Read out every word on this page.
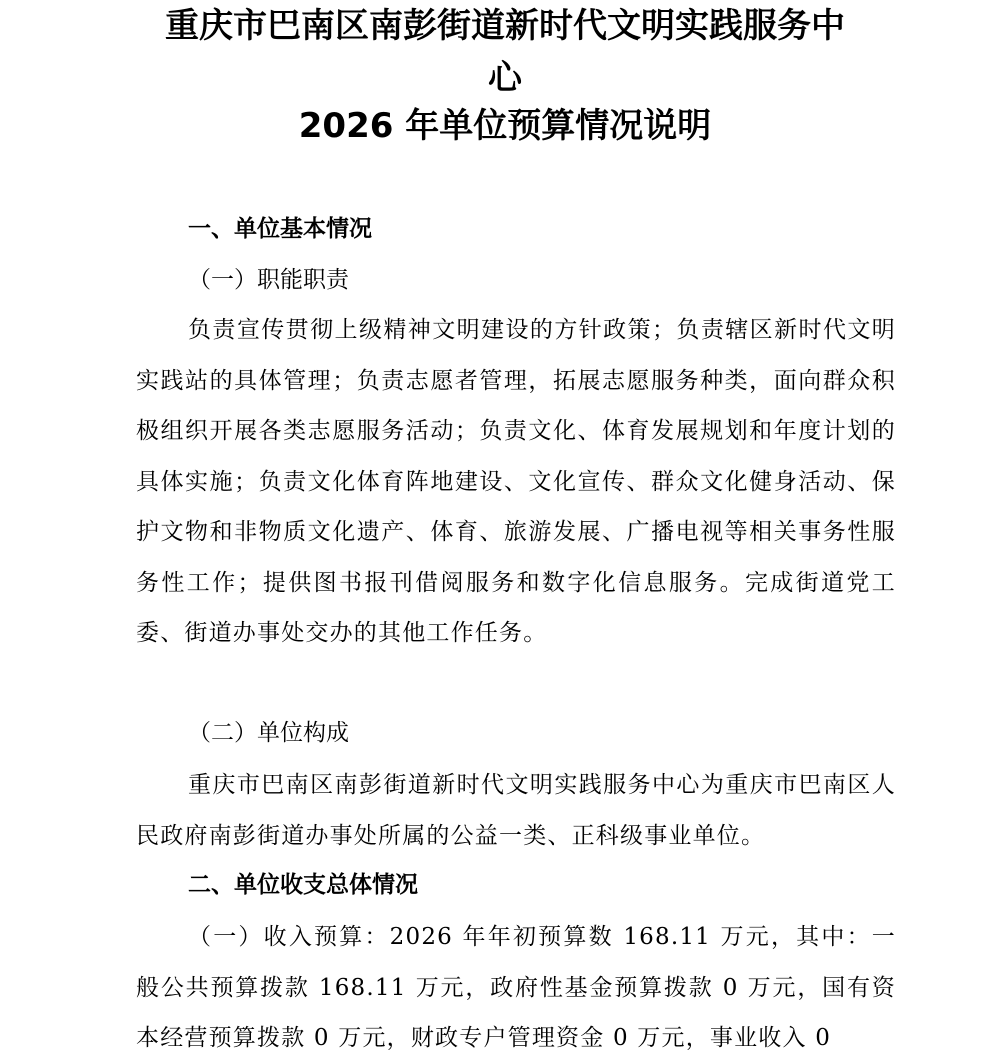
重庆市巴南区南彭街道新时代文明实践服务中
心
2026 年单位预算情况说明
一、单位基本情况
（一）职能职责

负责宣传贯彻上级精神文明建设的方针政策；负责辖区新时代文明实践站的具体管理；负责志愿者管理，拓展志愿服务种类，面向群众积极组织开展各类志愿服务活动；负责文化、体育发展规划和年度计划的具体实施；负责文化体育阵地建设、文化宣传、群众文化健身活动、保护文物和非物质文化遗产、体育、旅游发展、广播电视等相关事务性服务性工作；提供图书报刊借阅服务和数字化信息服务。完成街道党工委、街道办事处交办的其他工作任务。

（二）单位构成

重庆市巴南区南彭街道新时代文明实践服务中心为重庆市巴南区人民政府南彭街道办事处所属的公益一类、正科级事业单位。

二、单位收支总体情况

（一）收入预算：2026 年年初预算数 168.11 万元，其中：一般公共预算拨款 168.11 万元，政府性基金预算拨款 0 万元，国有资本经营预算拨款 0 万元，财政专户管理资金 0 万元，事业收入 0
